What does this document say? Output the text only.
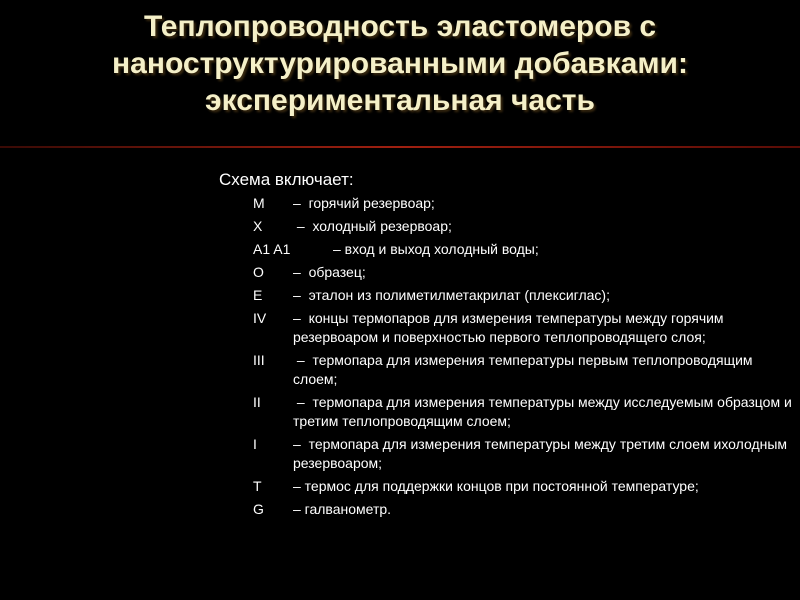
Теплопроводность эластомеров с
наноструктурированными добавками:
экспериментальная часть
Схема включает:
M	–  горячий резервоар;
X	–  холодный резервоар;
A1 A1	– вход и выход холодный воды;
O	–  образец;
E	–  эталон из полиметилметакрилат (плексиглас);
IV	–  концы термопаров для измерения температуры между горячим резервоаром и поверхностью первого теплопроводящего слоя;
III	–  термопара для измерения температуры первым теплопроводящим слоем;
II	–  термопара для измерения температуры между исследуемым образцом и третим теплопроводящим слоем;
I	–  термопара для измерения температуры между третим слоем ихолодным резервоаром;
T	– термос для поддержки концов при постоянной температуре;
G	– галванометр.
